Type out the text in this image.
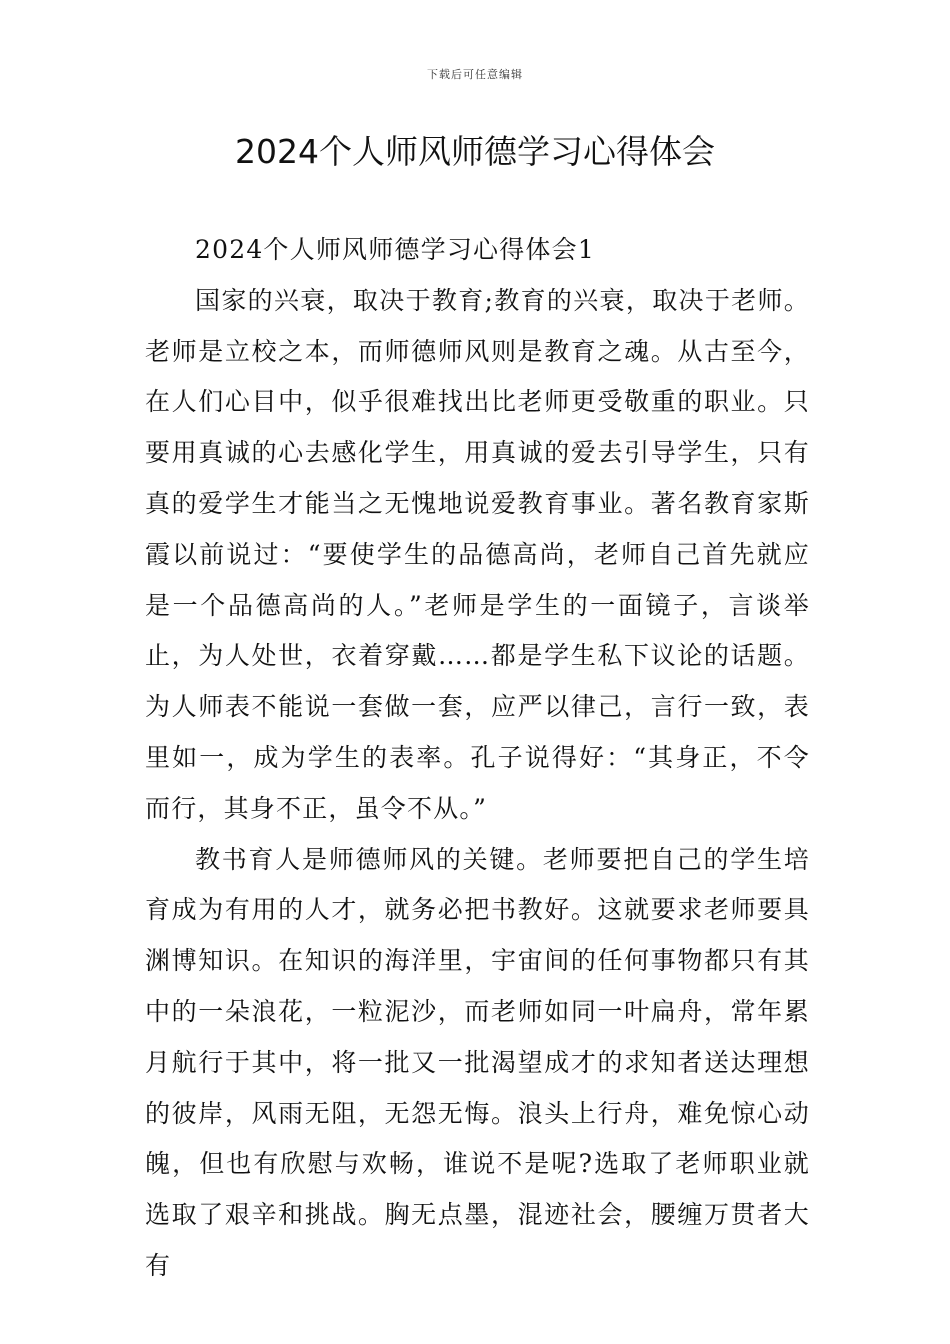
下载后可任意编辑
2024个人师风师德学习心得体会

2024个人师风师德学习心得体会1

国家的兴衰，取决于教育;教育的兴衰，取决于老师。老师是立校之本，而师德师风则是教育之魂。从古至今，在人们心目中，似乎很难找出比老师更受敬重的职业。只要用真诚的心去感化学生，用真诚的爱去引导学生，只有真的爱学生才能当之无愧地说爱教育事业。著名教育家斯霞以前说过：“要使学生的品德高尚，老师自己首先就应是一个品德高尚的人。”老师是学生的一面镜子，言谈举止，为人处世，衣着穿戴……都是学生私下议论的话题。为人师表不能说一套做一套，应严以律己，言行一致，表里如一，成为学生的表率。孔子说得好：“其身正，不令而行，其身不正，虽令不从。”

教书育人是师德师风的关键。老师要把自己的学生培育成为有用的人才，就务必把书教好。这就要求老师要具渊博知识。在知识的海洋里，宇宙间的任何事物都只有其中的一朵浪花，一粒泥沙，而老师如同一叶扁舟，常年累月航行于其中，将一批又一批渴望成才的求知者送达理想的彼岸，风雨无阻，无怨无悔。浪头上行舟，难免惊心动魄，但也有欣慰与欢畅，谁说不是呢?选取了老师职业就选取了艰辛和挑战。胸无点墨，混迹社会，腰缠万贯者大有
